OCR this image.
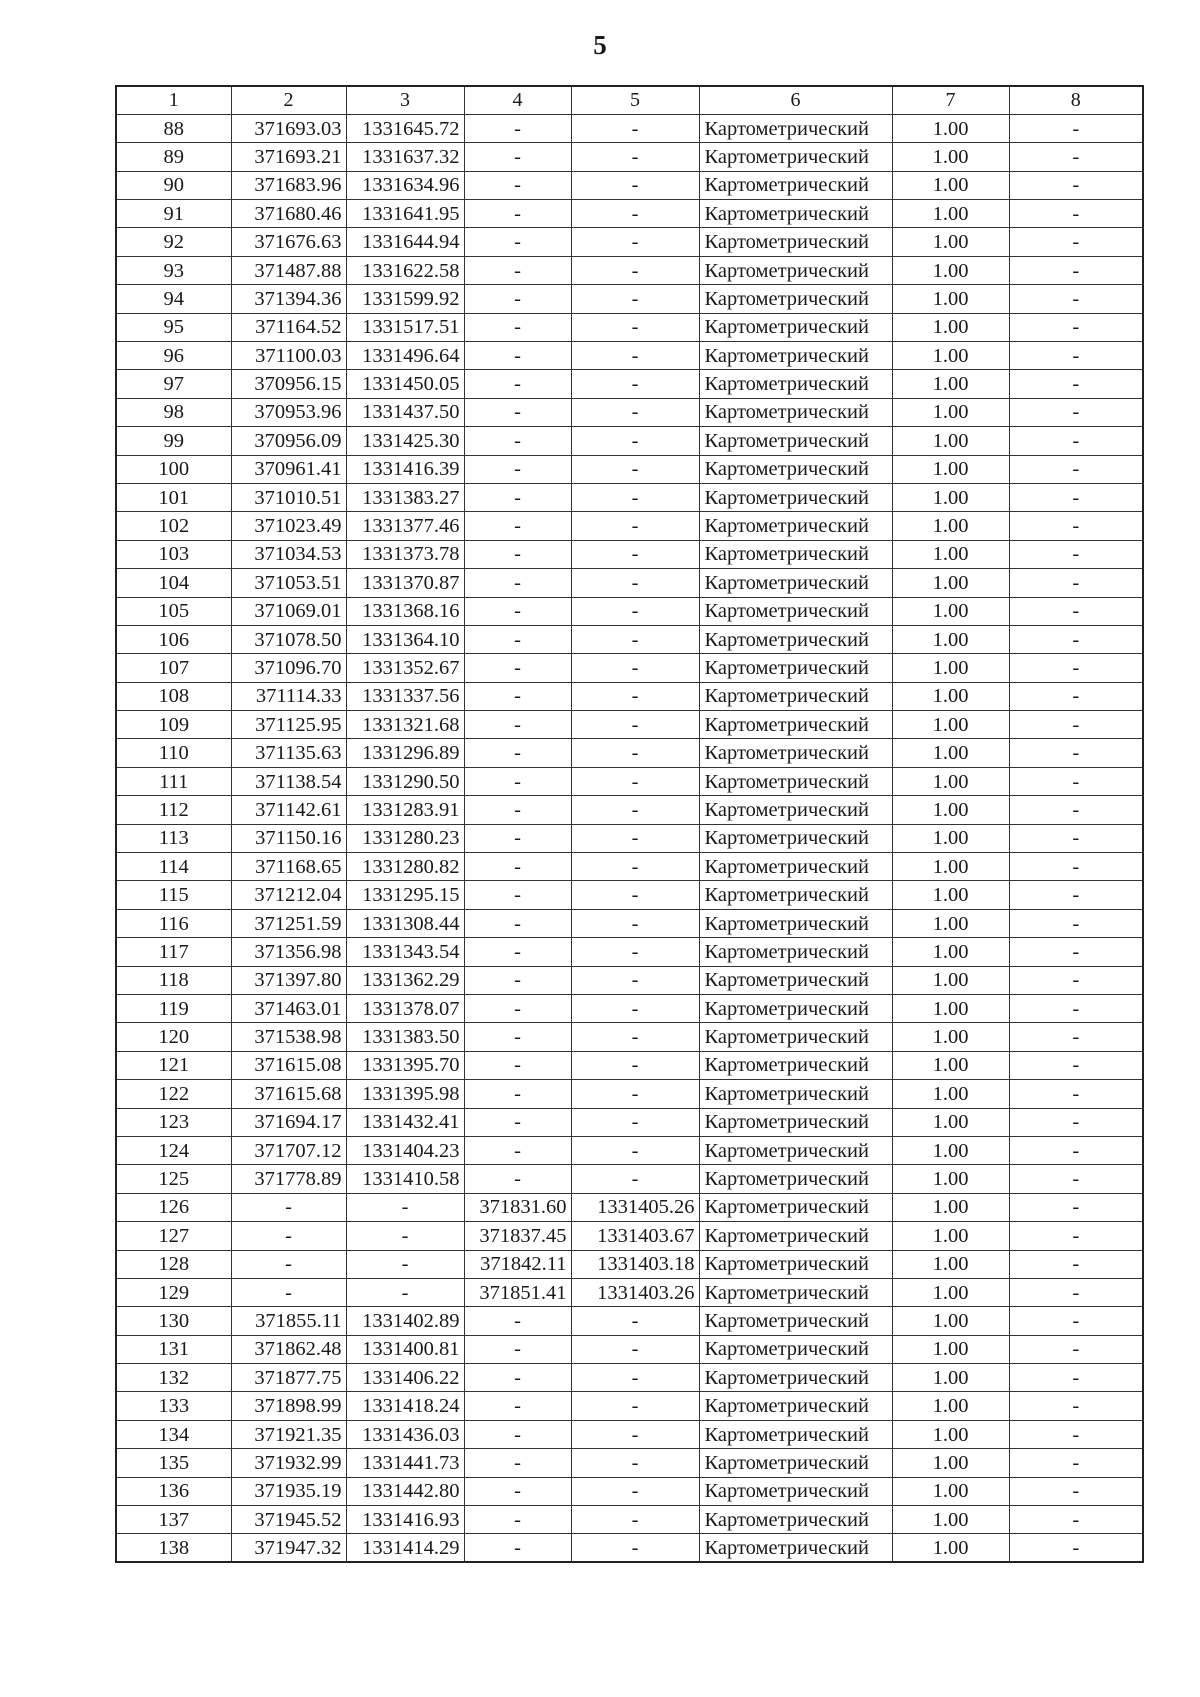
5
1	2	3	4	5	6	7	8
88	371693.03	1331645.72	-	-	Картометрический	1.00	-
89	371693.21	1331637.32	-	-	Картометрический	1.00	-
90	371683.96	1331634.96	-	-	Картометрический	1.00	-
91	371680.46	1331641.95	-	-	Картометрический	1.00	-
92	371676.63	1331644.94	-	-	Картометрический	1.00	-
93	371487.88	1331622.58	-	-	Картометрический	1.00	-
94	371394.36	1331599.92	-	-	Картометрический	1.00	-
95	371164.52	1331517.51	-	-	Картометрический	1.00	-
96	371100.03	1331496.64	-	-	Картометрический	1.00	-
97	370956.15	1331450.05	-	-	Картометрический	1.00	-
98	370953.96	1331437.50	-	-	Картометрический	1.00	-
99	370956.09	1331425.30	-	-	Картометрический	1.00	-
100	370961.41	1331416.39	-	-	Картометрический	1.00	-
101	371010.51	1331383.27	-	-	Картометрический	1.00	-
102	371023.49	1331377.46	-	-	Картометрический	1.00	-
103	371034.53	1331373.78	-	-	Картометрический	1.00	-
104	371053.51	1331370.87	-	-	Картометрический	1.00	-
105	371069.01	1331368.16	-	-	Картометрический	1.00	-
106	371078.50	1331364.10	-	-	Картометрический	1.00	-
107	371096.70	1331352.67	-	-	Картометрический	1.00	-
108	371114.33	1331337.56	-	-	Картометрический	1.00	-
109	371125.95	1331321.68	-	-	Картометрический	1.00	-
110	371135.63	1331296.89	-	-	Картометрический	1.00	-
111	371138.54	1331290.50	-	-	Картометрический	1.00	-
112	371142.61	1331283.91	-	-	Картометрический	1.00	-
113	371150.16	1331280.23	-	-	Картометрический	1.00	-
114	371168.65	1331280.82	-	-	Картометрический	1.00	-
115	371212.04	1331295.15	-	-	Картометрический	1.00	-
116	371251.59	1331308.44	-	-	Картометрический	1.00	-
117	371356.98	1331343.54	-	-	Картометрический	1.00	-
118	371397.80	1331362.29	-	-	Картометрический	1.00	-
119	371463.01	1331378.07	-	-	Картометрический	1.00	-
120	371538.98	1331383.50	-	-	Картометрический	1.00	-
121	371615.08	1331395.70	-	-	Картометрический	1.00	-
122	371615.68	1331395.98	-	-	Картометрический	1.00	-
123	371694.17	1331432.41	-	-	Картометрический	1.00	-
124	371707.12	1331404.23	-	-	Картометрический	1.00	-
125	371778.89	1331410.58	-	-	Картометрический	1.00	-
126	-	-	371831.60	1331405.26	Картометрический	1.00	-
127	-	-	371837.45	1331403.67	Картометрический	1.00	-
128	-	-	371842.11	1331403.18	Картометрический	1.00	-
129	-	-	371851.41	1331403.26	Картометрический	1.00	-
130	371855.11	1331402.89	-	-	Картометрический	1.00	-
131	371862.48	1331400.81	-	-	Картометрический	1.00	-
132	371877.75	1331406.22	-	-	Картометрический	1.00	-
133	371898.99	1331418.24	-	-	Картометрический	1.00	-
134	371921.35	1331436.03	-	-	Картометрический	1.00	-
135	371932.99	1331441.73	-	-	Картометрический	1.00	-
136	371935.19	1331442.80	-	-	Картометрический	1.00	-
137	371945.52	1331416.93	-	-	Картометрический	1.00	-
138	371947.32	1331414.29	-	-	Картометрический	1.00	-
